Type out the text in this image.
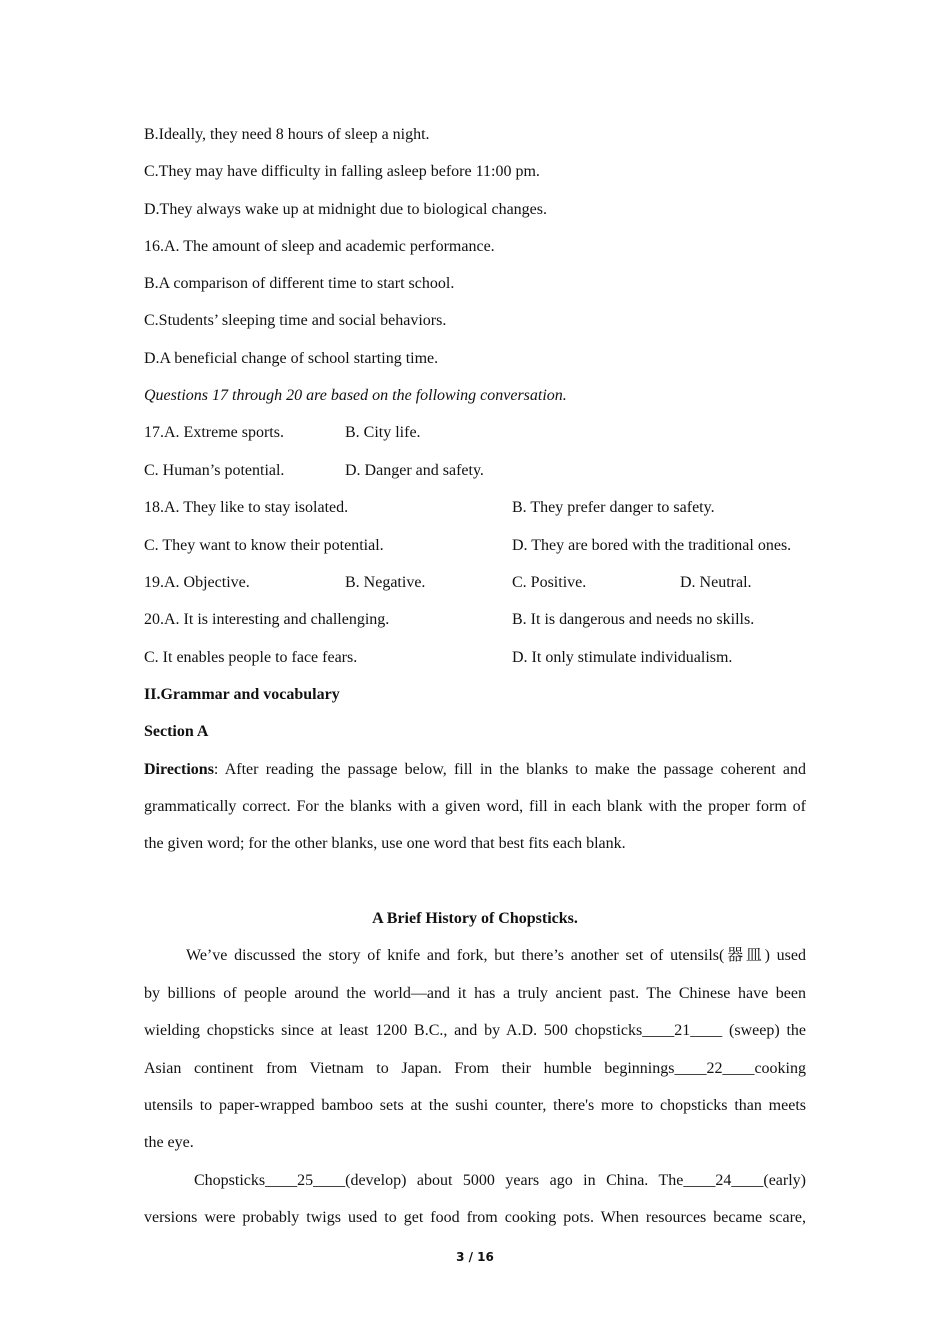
B.Ideally, they need 8 hours of sleep a night.
C.They may have difficulty in falling asleep before 11:00 pm.
D.They always wake up at midnight due to biological changes.
16.A. The amount of sleep and academic performance.
B.A comparison of different time to start school.
C.Students’ sleeping time and social behaviors.
D.A beneficial change of school starting time.
Questions 17 through 20 are based on the following conversation.
17.A. Extreme sports.	B. City life.
C. Human’s potential.	D. Danger and safety.
18.A. They like to stay isolated.	B. They prefer danger to safety.
C. They want to know their potential.	D. They are bored with the traditional ones.
19.A. Objective.	B. Negative.	C. Positive.	D. Neutral.
20.A. It is interesting and challenging.	B. It is dangerous and needs no skills.
C. It enables people to face fears.	D. It only stimulate individualism.
II.Grammar and vocabulary
Section A
Directions: After reading the passage below, fill in the blanks to make the passage coherent and
grammatically correct. For the blanks with a given word, fill in each blank with the proper form of
the given word; for the other blanks, use one word that best fits each blank.
A Brief History of Chopsticks.
We’ve discussed the story of knife and fork, but there’s another set of utensils(器皿) used
by billions of people around the world—and it has a truly ancient past. The Chinese have been
wielding chopsticks since at least 1200 B.C., and by A.D. 500 chopsticks____21____ (sweep) the
Asian continent from Vietnam to Japan. From their humble beginnings____22____cooking
utensils to paper-wrapped bamboo sets at the sushi counter, there's more to chopsticks than meets
the eye.
Chopsticks____25____(develop) about 5000 years ago in China. The____24____(early)
versions were probably twigs used to get food from cooking pots. When resources became scare,
3 / 16
